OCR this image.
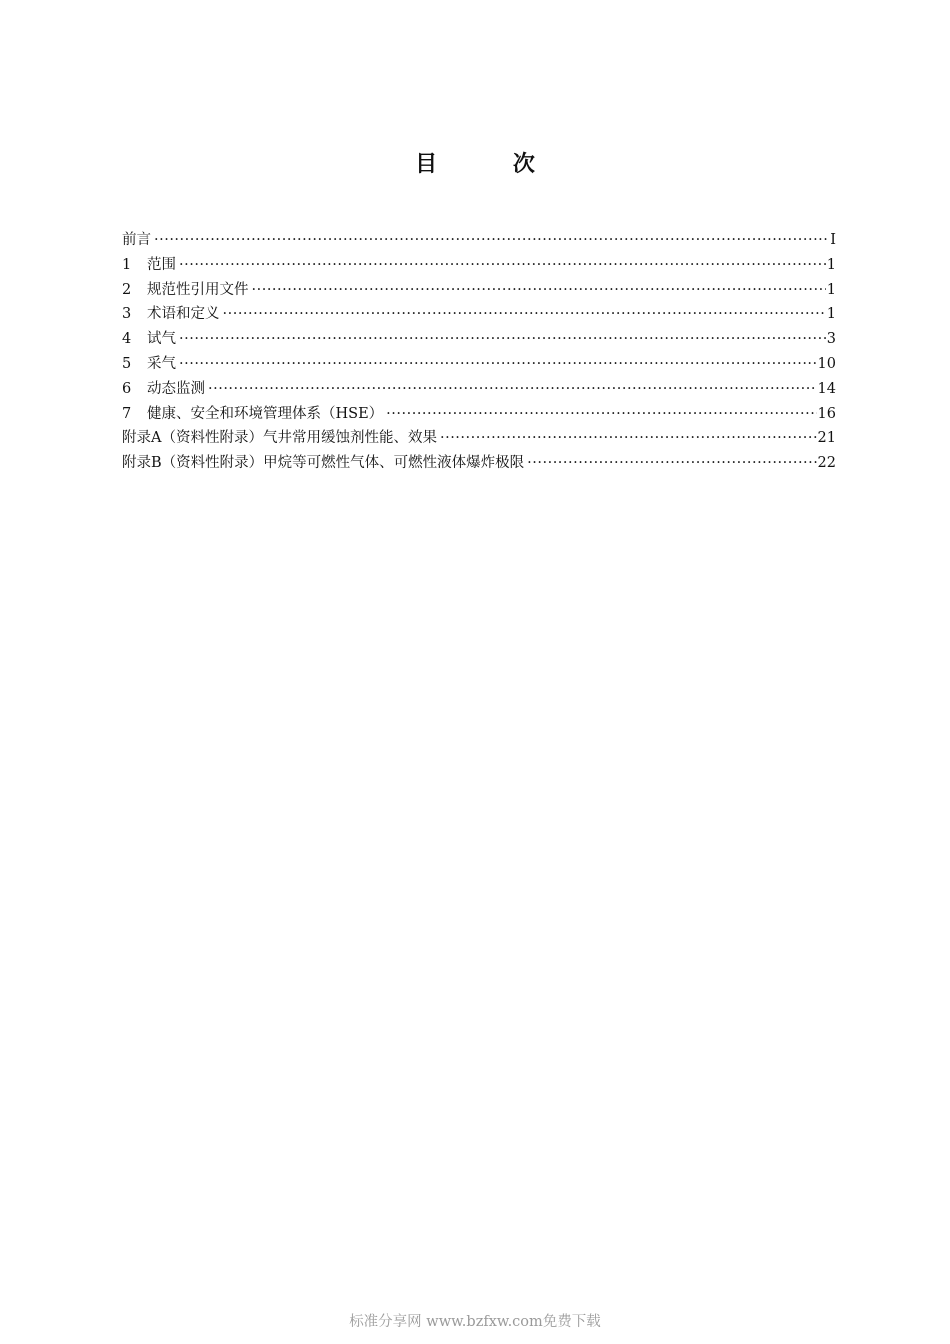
目 次
前言 ·····	I
1	范围 ·····	1
2	规范性引用文件 ·····	1
3	术语和定义 ·····	1
4	试气 ·····	3
5	采气 ·····	10
6	动态监测 ·····	14
7	健康、安全和环境管理体系（HSE） ·····	16
附录A（资料性附录）气井常用缓蚀剂性能、效果 ·····	21
附录B（资料性附录）甲烷等可燃性气体、可燃性液体爆炸极限 ·····	22
标准分享网 www.bzfxw.com免费下载
